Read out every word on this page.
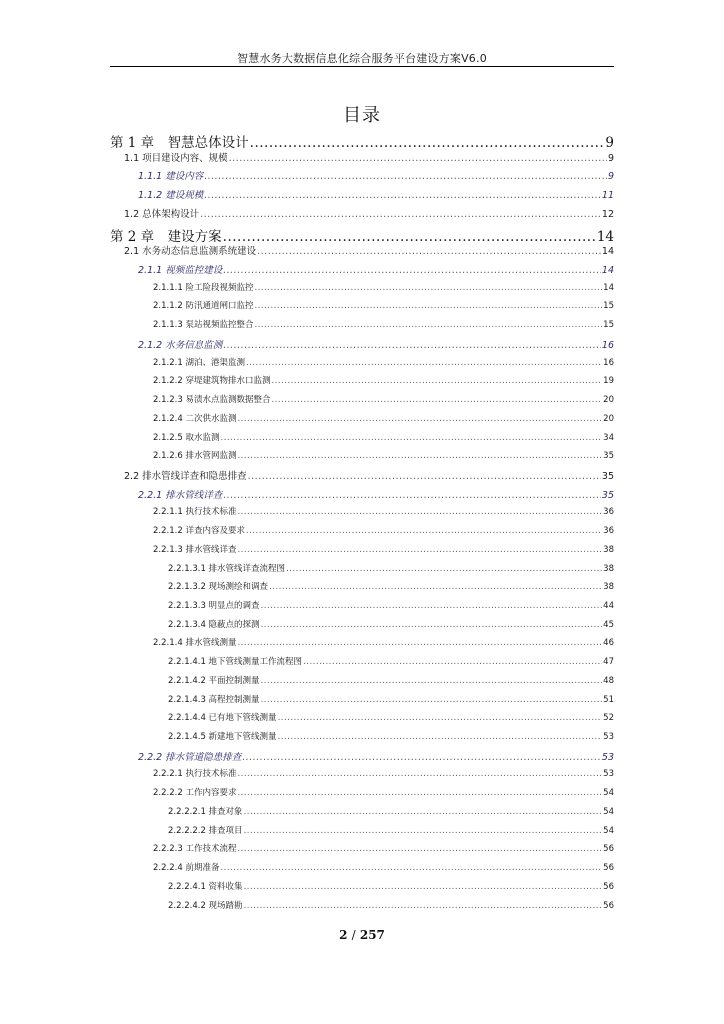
智慧水务大数据信息化综合服务平台建设方案V6.0
目录
第 1 章　智慧总体设计 .....	9
1.1 项目建设内容、规模 .....	9
1.1.1 建设内容 .....	9
1.1.2 建设规模 .....	11
1.2 总体架构设计 .....	12
第 2 章　建设方案 .....	14
2.1 水务动态信息监测系统建设 .....	14
2.1.1 视频监控建设 .....	14
2.1.1.1 险工险段视频监控 .....	14
2.1.1.2 防汛通道闸口监控 .....	15
2.1.1.3 泵站视频监控整合 .....	15
2.1.2 水务信息监测 .....	16
2.1.2.1 湖泊、港渠监测 .....	16
2.1.2.2 穿堤建筑物排水口监测 .....	19
2.1.2.3 易渍水点监测数据整合 .....	20
2.1.2.4 二次供水监测 .....	20
2.1.2.5 取水监测 .....	34
2.1.2.6 排水管网监测 .....	35
2.2 排水管线详查和隐患排查 .....	35
2.2.1 排水管线详查 .....	35
2.2.1.1 执行技术标准 .....	36
2.2.1.2 详查内容及要求 .....	36
2.2.1.3 排水管线详查 .....	38
2.2.1.3.1 排水管线详查流程图 .....	38
2.2.1.3.2 现场测绘和调查 .....	38
2.2.1.3.3 明显点的调查 .....	44
2.2.1.3.4 隐蔽点的探测 .....	45
2.2.1.4 排水管线测量 .....	46
2.2.1.4.1 地下管线测量工作流程图 .....	47
2.2.1.4.2 平面控制测量 .....	48
2.2.1.4.3 高程控制测量 .....	51
2.2.1.4.4 已有地下管线测量 .....	52
2.2.1.4.5 新建地下管线测量 .....	53
2.2.2 排水管道隐患排查 .....	53
2.2.2.1 执行技术标准 .....	53
2.2.2.2 工作内容要求 .....	54
2.2.2.2.1 排查对象 .....	54
2.2.2.2.2 排查项目 .....	54
2.2.2.3 工作技术流程 .....	56
2.2.2.4 前期准备 .....	56
2.2.2.4.1 资料收集 .....	56
2.2.2.4.2 现场踏勘 .....	56
2 / 257
